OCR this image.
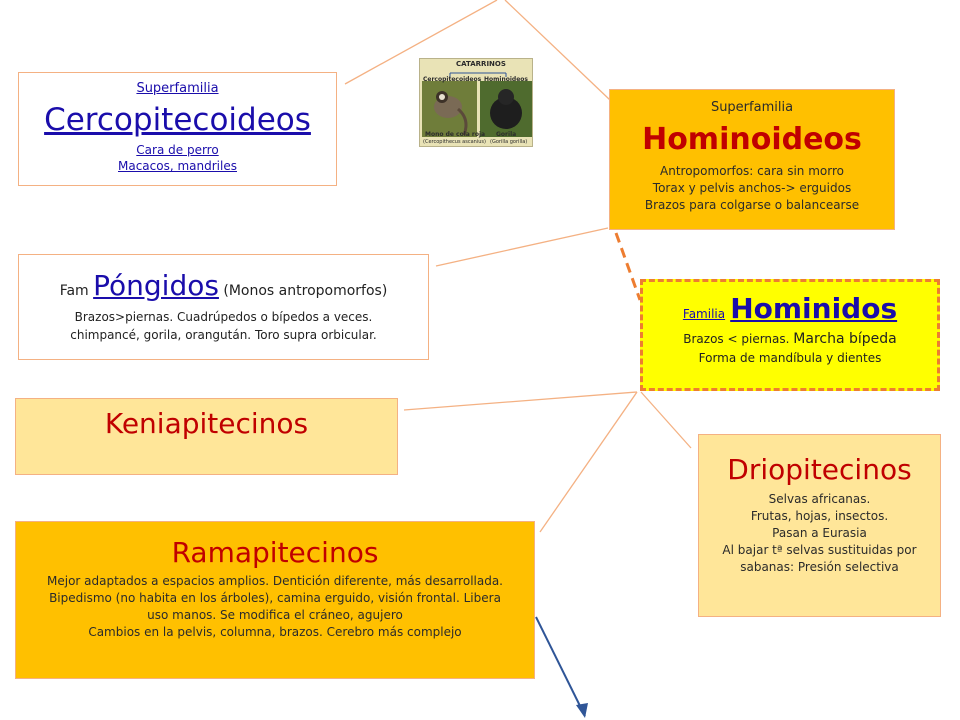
Superfamilia
Cercopitecoideos
Cara de perro
Macacos, mandriles
CATARRINOS
Cercopitecoideos Hominoideos
Mono de cola roja
(Cercopithecus ascanius)
Gorila
(Gorilla gorilla)
Superfamilia
Hominoideos
Antropomorfos: cara sin morro
Torax y pelvis anchos-> erguidos
Brazos para colgarse o balancearse
Fam Póngidos (Monos antropomorfos)
Brazos>piernas. Cuadrúpedos o bípedos a veces.
chimpancé, gorila, orangután. Toro supra orbicular.
Familia Hominidos
Brazos < piernas. Marcha bípeda
Forma de mandíbula y dientes
Keniapitecinos
Driopitecinos
Selvas africanas.
Frutas, hojas, insectos.
Pasan a Eurasia
Al bajar tª selvas sustituidas por
sabanas: Presión selectiva
Ramapitecinos
Mejor adaptados a espacios amplios. Dentición diferente, más desarrollada.
Bipedismo (no habita en los árboles), camina erguido, visión frontal. Libera
uso manos. Se modifica el cráneo, agujero
Cambios en la pelvis, columna, brazos. Cerebro más complejo
